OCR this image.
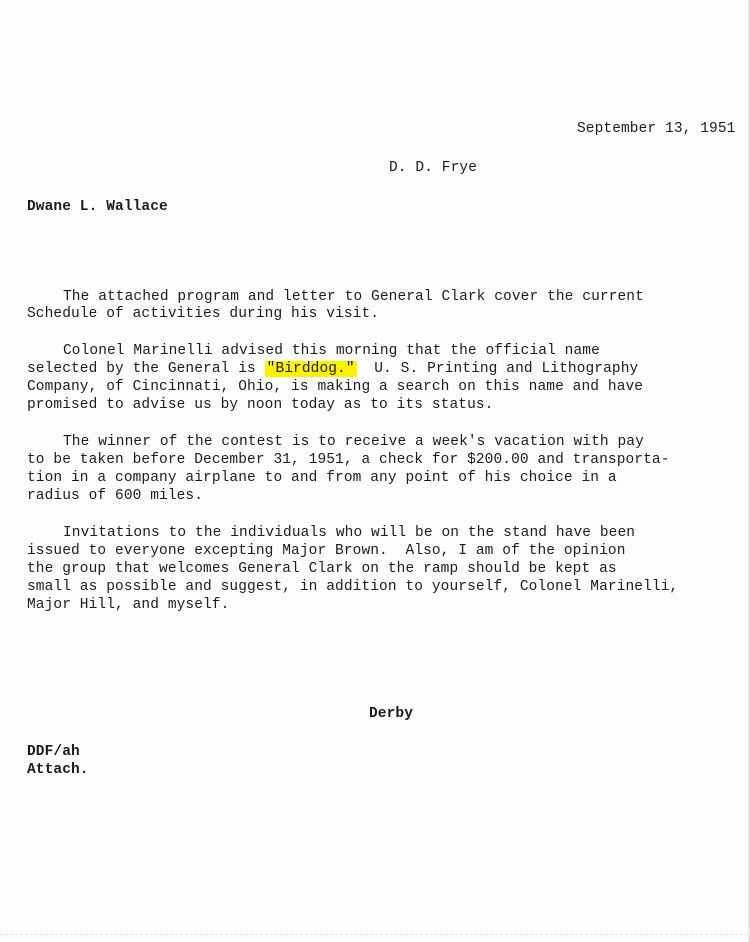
September 13, 1951
D. D. Frye
Dwane L. Wallace
The attached program and letter to General Clark cover the current
Schedule of activities during his visit.
Colonel Marinelli advised this morning that the official name
selected by the General is "Birddog."  U. S. Printing and Lithography
Company, of Cincinnati, Ohio, is making a search on this name and have
promised to advise us by noon today as to its status.
The winner of the contest is to receive a week's vacation with pay
to be taken before December 31, 1951, a check for $200.00 and transporta-
tion in a company airplane to and from any point of his choice in a
radius of 600 miles.
Invitations to the individuals who will be on the stand have been
issued to everyone excepting Major Brown.  Also, I am of the opinion
the group that welcomes General Clark on the ramp should be kept as
small as possible and suggest, in addition to yourself, Colonel Marinelli,
Major Hill, and myself.
Derby
DDF/ah
Attach.
